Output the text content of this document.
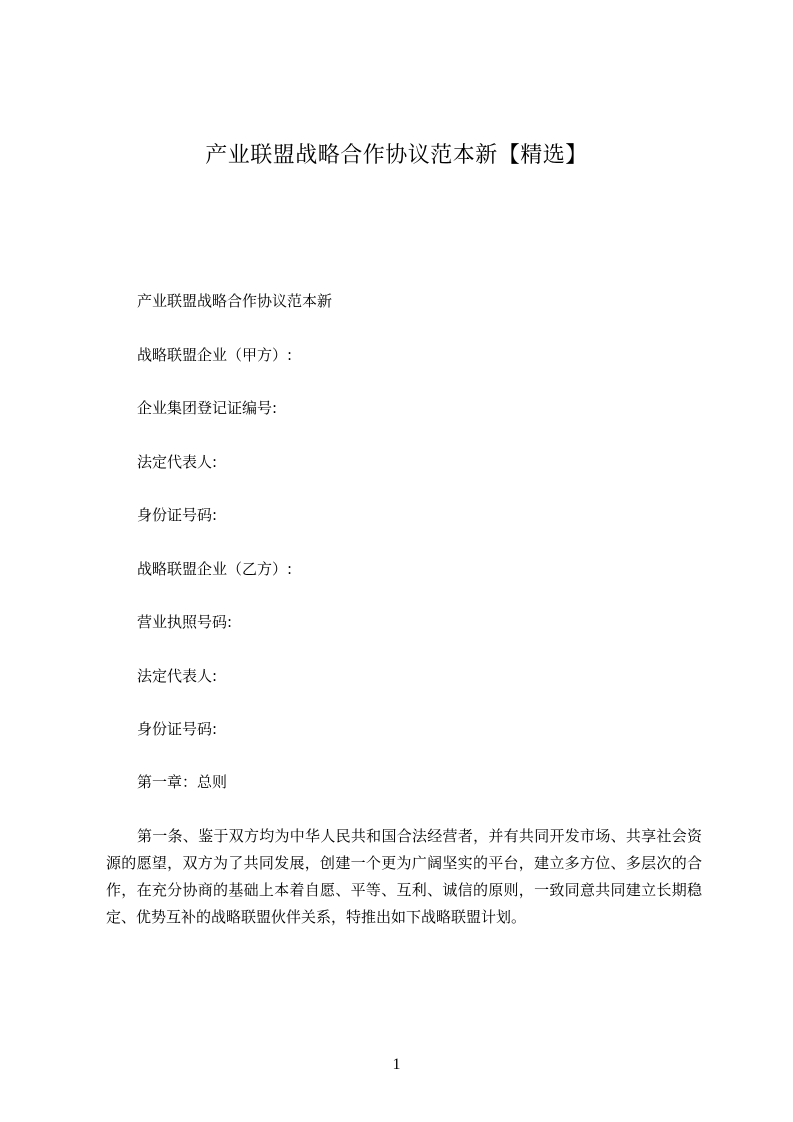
产业联盟战略合作协议范本新【精选】
产业联盟战略合作协议范本新
战略联盟企业（甲方）:
企业集团登记证编号:
法定代表人:
身份证号码:
战略联盟企业（乙方）:
营业执照号码:
法定代表人:
身份证号码:
第一章：总则
第一条、鉴于双方均为中华人民共和国合法经营者，并有共同开发市场、共享社会资源的愿望，双方为了共同发展，创建一个更为广阔坚实的平台，建立多方位、多层次的合作，在充分协商的基础上本着自愿、平等、互利、诚信的原则，一致同意共同建立长期稳定、优势互补的战略联盟伙伴关系，特推出如下战略联盟计划。
1
